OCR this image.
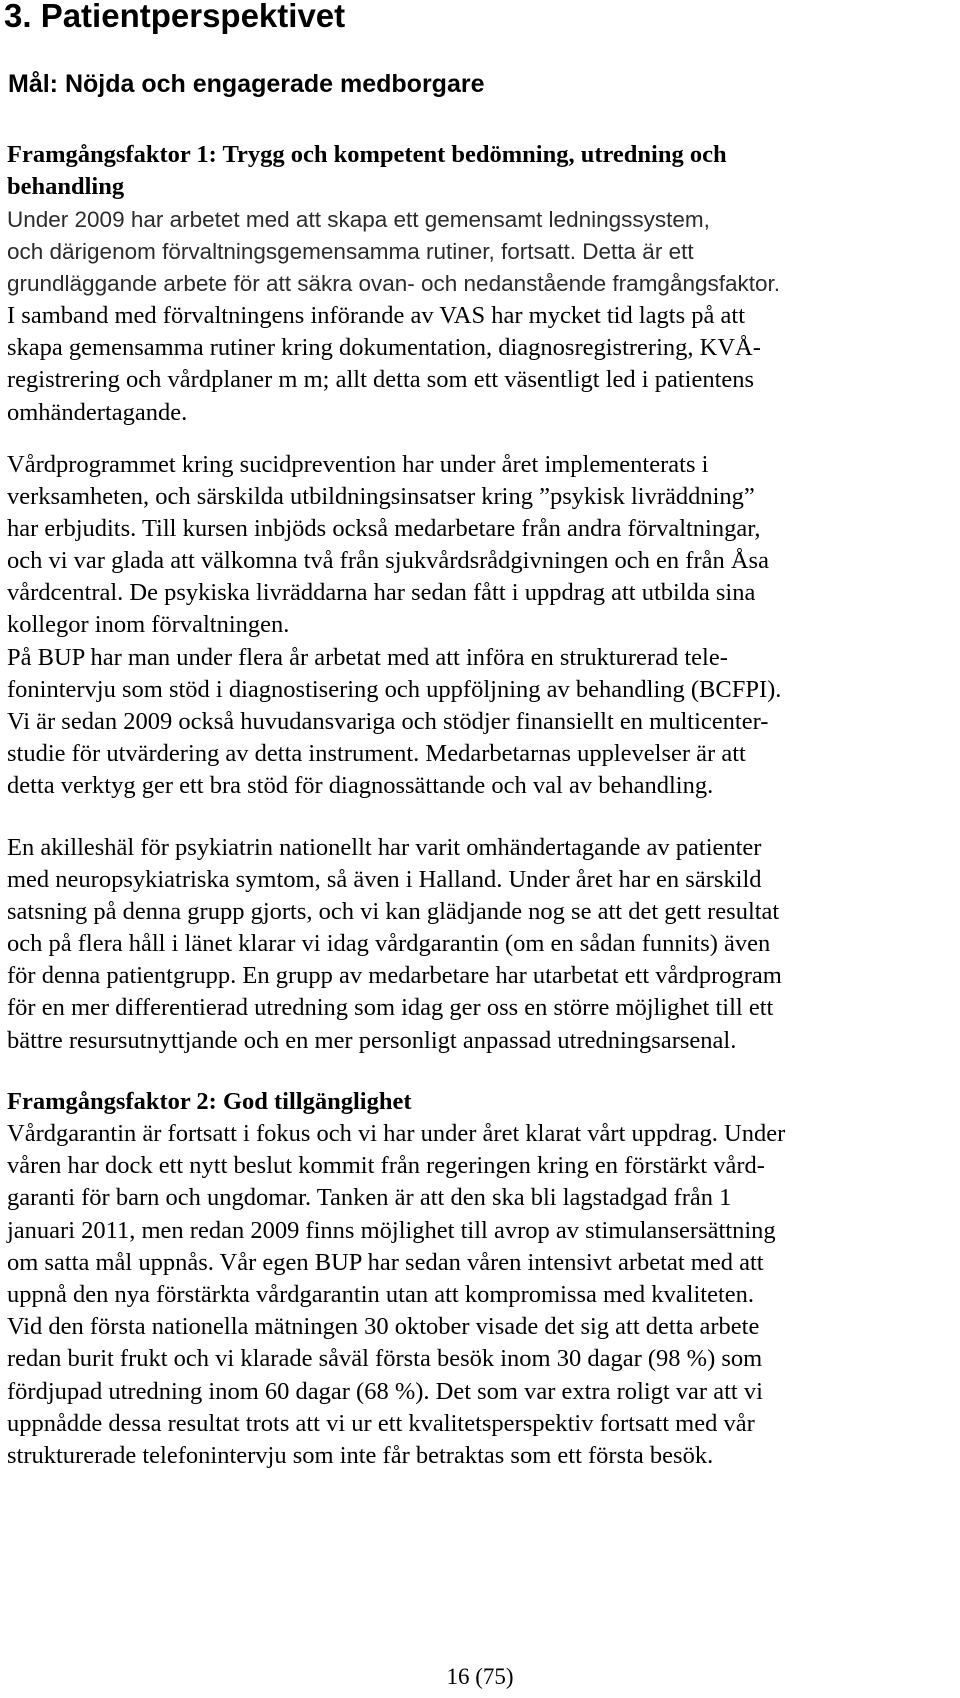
3. Patientperspektivet
Mål: Nöjda och engagerade medborgare
Framgångsfaktor 1: Trygg och kompetent bedömning, utredning och
behandling
Under 2009 har arbetet med att skapa ett gemensamt ledningssystem,
och därigenom förvaltningsgemensamma rutiner, fortsatt. Detta är ett
grundläggande arbete för att säkra ovan- och nedanstående framgångsfaktor.
I samband med förvaltningens införande av VAS har mycket tid lagts på att
skapa gemensamma rutiner kring dokumentation, diagnosregistrering, KVÅ-
registrering och vårdplaner m m; allt detta som ett väsentligt led i patientens
omhändertagande.
Vårdprogrammet kring sucidprevention har under året implementerats i
verksamheten, och särskilda utbildningsinsatser kring ”psykisk livräddning”
har erbjudits. Till kursen inbjöds också medarbetare från andra förvaltningar,
och vi var glada att välkomna två från sjukvårdsrådgivningen och en från Åsa
vårdcentral. De psykiska livräddarna har sedan fått i uppdrag att utbilda sina
kollegor inom förvaltningen.
På BUP har man under flera år arbetat med att införa en strukturerad tele-
fonintervju som stöd i diagnostisering och uppföljning av behandling (BCFPI).
Vi är sedan 2009 också huvudansvariga och stödjer finansiellt en multicenter-
studie för utvärdering av detta instrument. Medarbetarnas upplevelser är att
detta verktyg ger ett bra stöd för diagnossättande och val av behandling.
En akilleshäl för psykiatrin nationellt har varit omhändertagande av patienter
med neuropsykiatriska symtom, så även i Halland. Under året har en särskild
satsning på denna grupp gjorts, och vi kan glädjande nog se att det gett resultat
och på flera håll i länet klarar vi idag vårdgarantin (om en sådan funnits) även
för denna patientgrupp. En grupp av medarbetare har utarbetat ett vårdprogram
för en mer differentierad utredning som idag ger oss en större möjlighet till ett
bättre resursutnyttjande och en mer personligt anpassad utredningsarsenal.
Framgångsfaktor 2: God tillgänglighet
Vårdgarantin är fortsatt i fokus och vi har under året klarat vårt uppdrag. Under
våren har dock ett nytt beslut kommit från regeringen kring en förstärkt vård-
garanti för barn och ungdomar. Tanken är att den ska bli lagstadgad från 1
januari 2011, men redan 2009 finns möjlighet till avrop av stimulansersättning
om satta mål uppnås. Vår egen BUP har sedan våren intensivt arbetat med att
uppnå den nya förstärkta vårdgarantin utan att kompromissa med kvaliteten.
Vid den första nationella mätningen 30 oktober visade det sig att detta arbete
redan burit frukt och vi klarade såväl första besök inom 30 dagar (98 %) som
fördjupad utredning inom 60 dagar (68 %). Det som var extra roligt var att vi
uppnådde dessa resultat trots att vi ur ett kvalitetsperspektiv fortsatt med vår
strukturerade telefonintervju som inte får betraktas som ett första besök.
16 (75)
